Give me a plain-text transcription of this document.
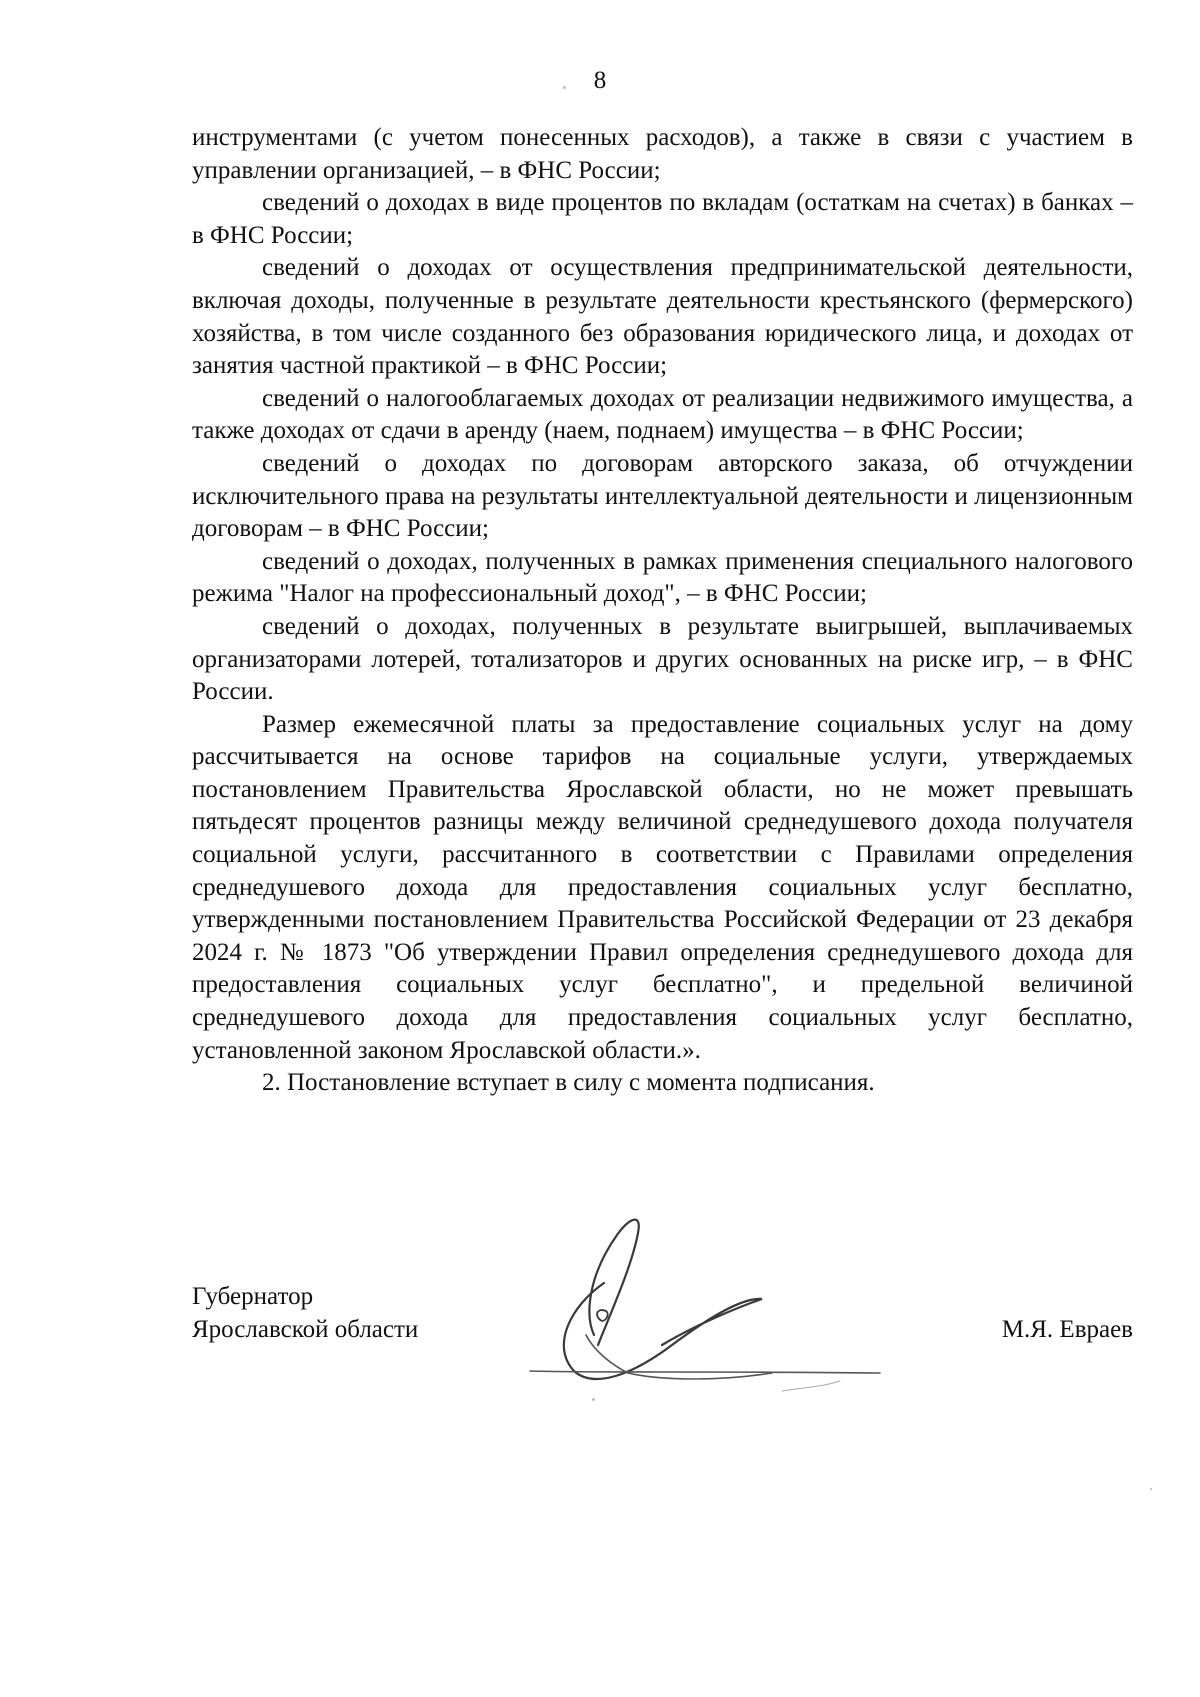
8

инструментами (с учетом понесенных расходов), а также в связи с участием в управлении организацией, – в ФНС России;

сведений о доходах в виде процентов по вкладам (остаткам на счетах) в банках – в ФНС России;

сведений о доходах от осуществления предпринимательской деятельности, включая доходы, полученные в результате деятельности крестьянского (фермерского) хозяйства, в том числе созданного без образования юридического лица, и доходах от занятия частной практикой – в ФНС России;

сведений о налогооблагаемых доходах от реализации недвижимого имущества, а также доходах от сдачи в аренду (наем, поднаем) имущества – в ФНС России;

сведений о доходах по договорам авторского заказа, об отчуждении исключительного права на результаты интеллектуальной деятельности и лицензионным договорам – в ФНС России;

сведений о доходах, полученных в рамках применения специального налогового режима "Налог на профессиональный доход", – в ФНС России;

сведений о доходах, полученных в результате выигрышей, выплачиваемых организаторами лотерей, тотализаторов и других основанных на риске игр, – в ФНС России.

Размер ежемесячной платы за предоставление социальных услуг на дому рассчитывается на основе тарифов на социальные услуги, утверждаемых постановлением Правительства Ярославской области, но не может превышать пятьдесят процентов разницы между величиной среднедушевого дохода получателя социальной услуги, рассчитанного в соответствии с Правилами определения среднедушевого дохода для предоставления социальных услуг бесплатно, утвержденными постановлением Правительства Российской Федерации от 23 декабря 2024 г. № 1873 "Об утверждении Правил определения среднедушевого дохода для предоставления социальных услуг бесплатно", и предельной величиной среднедушевого дохода для предоставления социальных услуг бесплатно, установленной законом Ярославской области.».

2. Постановление вступает в силу с момента подписания.

Губернатор
Ярославской области	М.Я. Евраев
